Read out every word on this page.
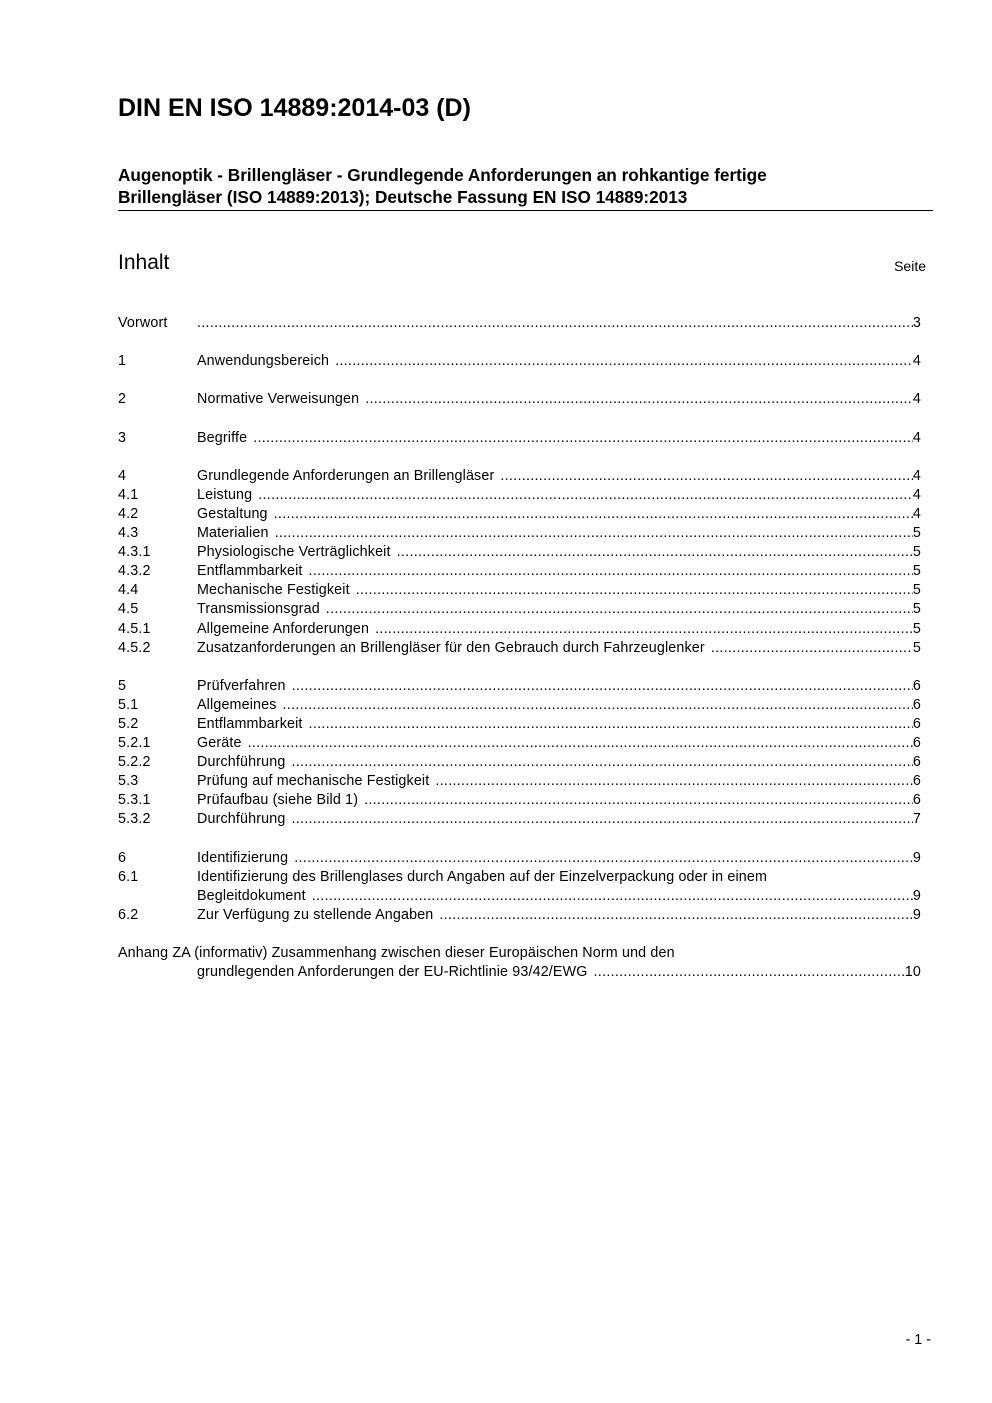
DIN EN ISO 14889:2014-03 (D)
Augenoptik - Brillengläser - Grundlegende Anforderungen an rohkantige fertige
Brillengläser (ISO 14889:2013); Deutsche Fassung EN ISO 14889:2013
Inhalt	Seite
Vorwort .....	3
1	Anwendungsbereich .....	4
2	Normative Verweisungen .....	4
3	Begriffe .....	4
4	Grundlegende Anforderungen an Brillengläser .....	4
4.1	Leistung .....	4
4.2	Gestaltung .....	4
4.3	Materialien .....	5
4.3.1	Physiologische Verträglichkeit .....	5
4.3.2	Entflammbarkeit .....	5
4.4	Mechanische Festigkeit .....	5
4.5	Transmissionsgrad .....	5
4.5.1	Allgemeine Anforderungen .....	5
4.5.2	Zusatzanforderungen an Brillengläser für den Gebrauch durch Fahrzeuglenker .....	5
5	Prüfverfahren .....	6
5.1	Allgemeines .....	6
5.2	Entflammbarkeit .....	6
5.2.1	Geräte .....	6
5.2.2	Durchführung .....	6
5.3	Prüfung auf mechanische Festigkeit .....	6
5.3.1	Prüfaufbau (siehe Bild 1) .....	6
5.3.2	Durchführung .....	7
6	Identifizierung .....	9
6.1	Identifizierung des Brillenglases durch Angaben auf der Einzelverpackung oder in einem
Begleitdokument .....	9
6.2	Zur Verfügung zu stellende Angaben .....	9
Anhang ZA (informativ) Zusammenhang zwischen dieser Europäischen Norm und den
grundlegenden Anforderungen der EU-Richtlinie 93/42/EWG .....	10
- 1 -
